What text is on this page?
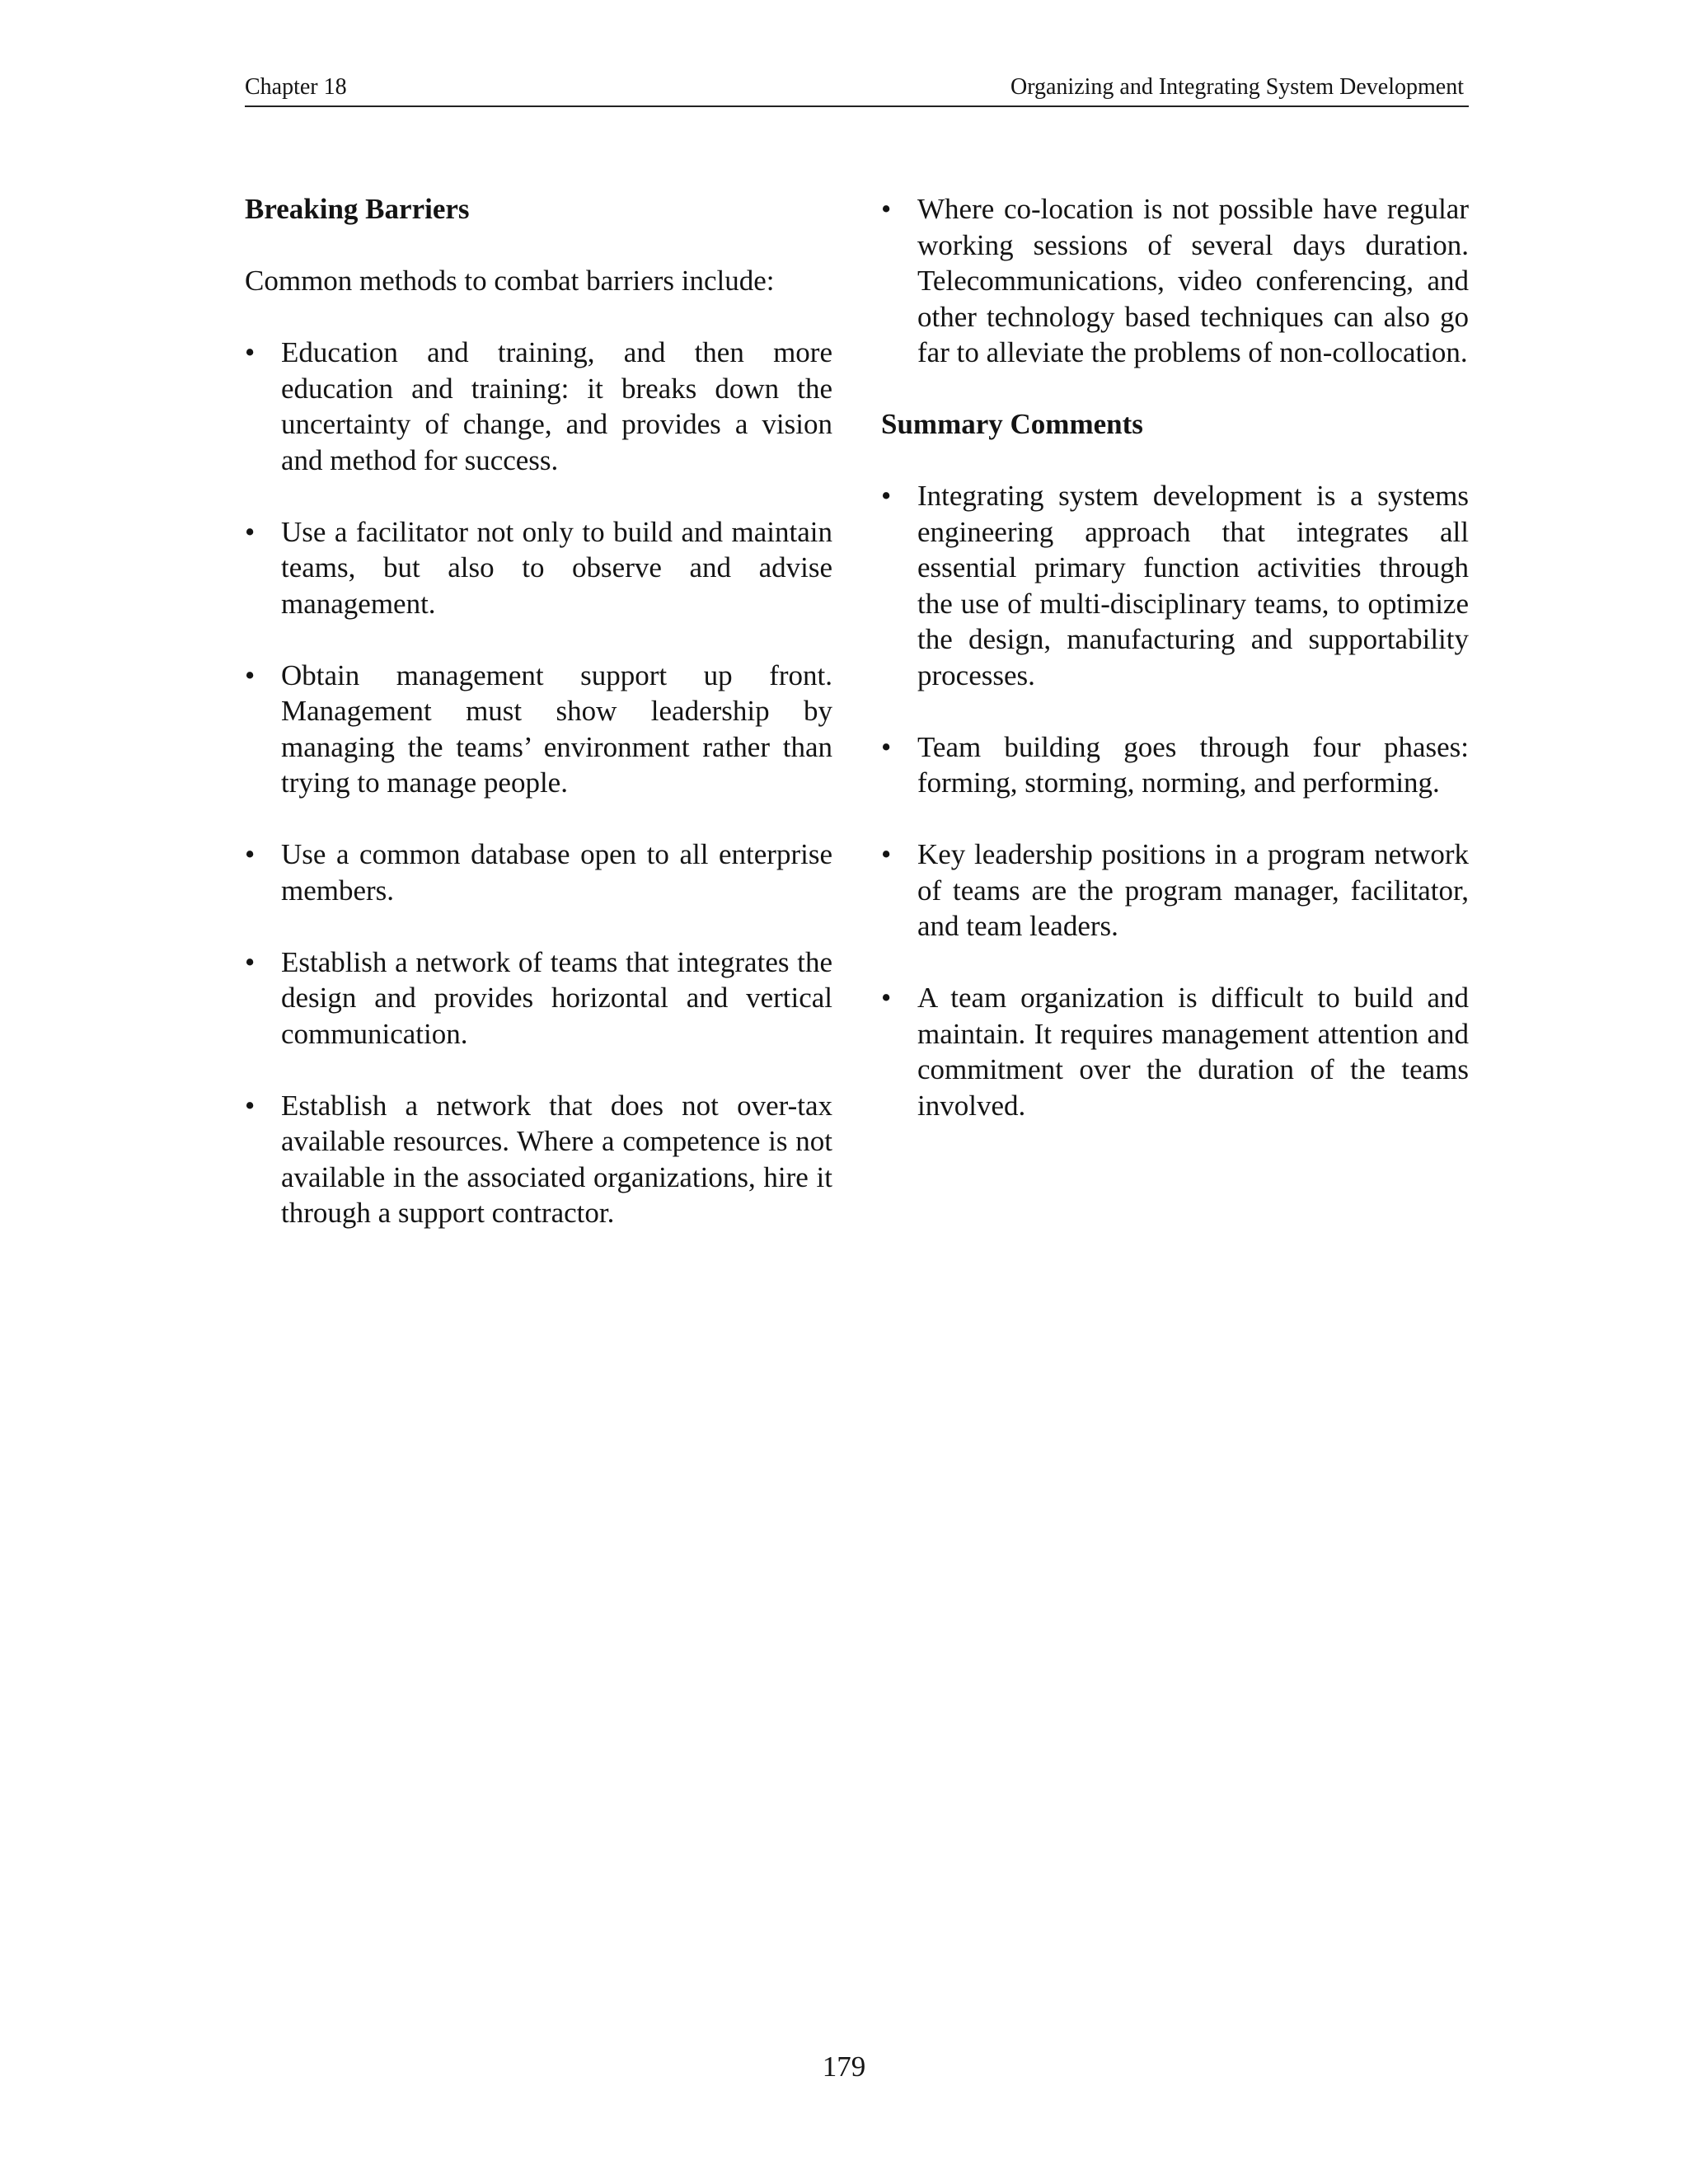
Chapter 18	Organizing and Integrating System Development
Breaking Barriers
Common methods to combat barriers include:
• Education and training, and then more education and training: it breaks down the uncertainty of change, and provides a vision and method for success.
• Use a facilitator not only to build and maintain teams, but also to observe and advise management.
• Obtain management support up front. Management must show leadership by managing the teams’ environment rather than trying to manage people.
• Use a common database open to all enterprise members.
• Establish a network of teams that integrates the design and provides horizontal and vertical communication.
• Establish a network that does not over-tax available resources. Where a competence is not available in the associated organizations, hire it through a support contractor.
• Where co-location is not possible have regular working sessions of several days duration. Telecommunications, video conferencing, and other technology based techniques can also go far to alleviate the problems of non-collocation.
Summary Comments
• Integrating system development is a systems engineering approach that integrates all essential primary function activities through the use of multi-disciplinary teams, to optimize the design, manufacturing and supportability processes.
• Team building goes through four phases: forming, storming, norming, and performing.
• Key leadership positions in a program network of teams are the program manager, facilitator, and team leaders.
• A team organization is difficult to build and maintain. It requires management attention and commitment over the duration of the teams involved.
179
